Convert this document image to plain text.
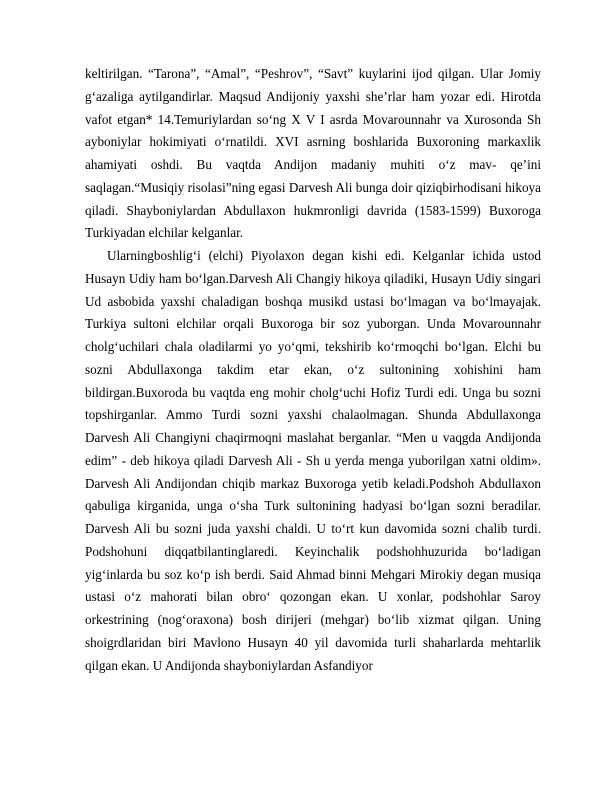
keltirilgan. “Tarona”, “Amal”, “Peshrov”, “Savt” kuylarini ijod qilgan. Ular Jomiy g‘azaliga aytilgandirlar. Maqsud Andijoniy yaxshi she’rlar ham yozar edi. Hirotda vafot etgan* 14.Temuriylardan so‘ng X V I asrda Movarounnahr va Xurosonda Sh ayboniylar hokimiyati o‘rnatildi. XVI asrning boshlarida Buxoroning markaxlik ahamiyati oshdi. Bu vaqtda Andijon madaniy muhiti o‘z mav- qe’ini saqlagan.“Musiqiy risolasi”ning egasi Darvesh Ali bunga doir qiziqbirhodisani hikoya qiladi. Shayboniylardan Abdullaxon hukmronligi davrida (1583-1599) Buxoroga Turkiyadan elchilar kelganlar.

Ularningboshlig‘i (elchi) Piyolaxon degan kishi edi. Kelganlar ichida ustod Husayn Udiy ham bo‘lgan.Darvesh Ali Changiy hikoya qiladiki, Husayn Udiy singari Ud asbobida yaxshi chaladigan boshqa musikd ustasi bo‘lmagan va bo‘lmayajak. Turkiya sultoni elchilar orqali Buxoroga bir soz yuborgan. Unda Movarounnahr cholg‘uchilari chala oladilarmi yo yo‘qmi, tekshirib ko‘rmoqchi bo‘lgan. Elchi bu sozni Abdullaxonga takdim etar ekan, o‘z sultonining xohishini ham bildirgan.Buxoroda bu vaqtda eng mohir cholg‘uchi Hofiz Turdi edi. Unga bu sozni topshirganlar. Ammo Turdi sozni yaxshi chalaolmagan. Shunda Abdullaxonga Darvesh Ali Changiyni chaqirmoqni maslahat berganlar. “Men u vaqgda Andijonda edim” - deb hikoya qiladi Darvesh Ali - Sh u yerda menga yuborilgan xatni oldim». Darvesh Ali Andijondan chiqib markaz Buxoroga yetib keladi.Podshoh Abdullaxon qabuliga kirganida, unga o‘sha Turk sultonining hadyasi bo‘lgan sozni beradilar. Darvesh Ali bu sozni juda yaxshi chaldi. U to‘rt kun davomida sozni chalib turdi. Podshohuni diqqatbilantinglaredi. Keyinchalik podshohhuzurida bo‘ladigan yig‘inlarda bu soz ko‘p ish berdi. Said Ahmad binni Mehgari Mirokiy degan musiqa ustasi o‘z mahorati bilan obro‘ qozongan ekan. U xonlar, podshohlar Saroy orkestrining (nog‘oraxona) bosh dirijeri (mehgar) bo‘lib xizmat qilgan. Uning shoigrdlaridan biri Mavlono Husayn 40 yil davomida turli shaharlarda mehtarlik qilgan ekan. U Andijonda shayboniylardan Asfandiyor
